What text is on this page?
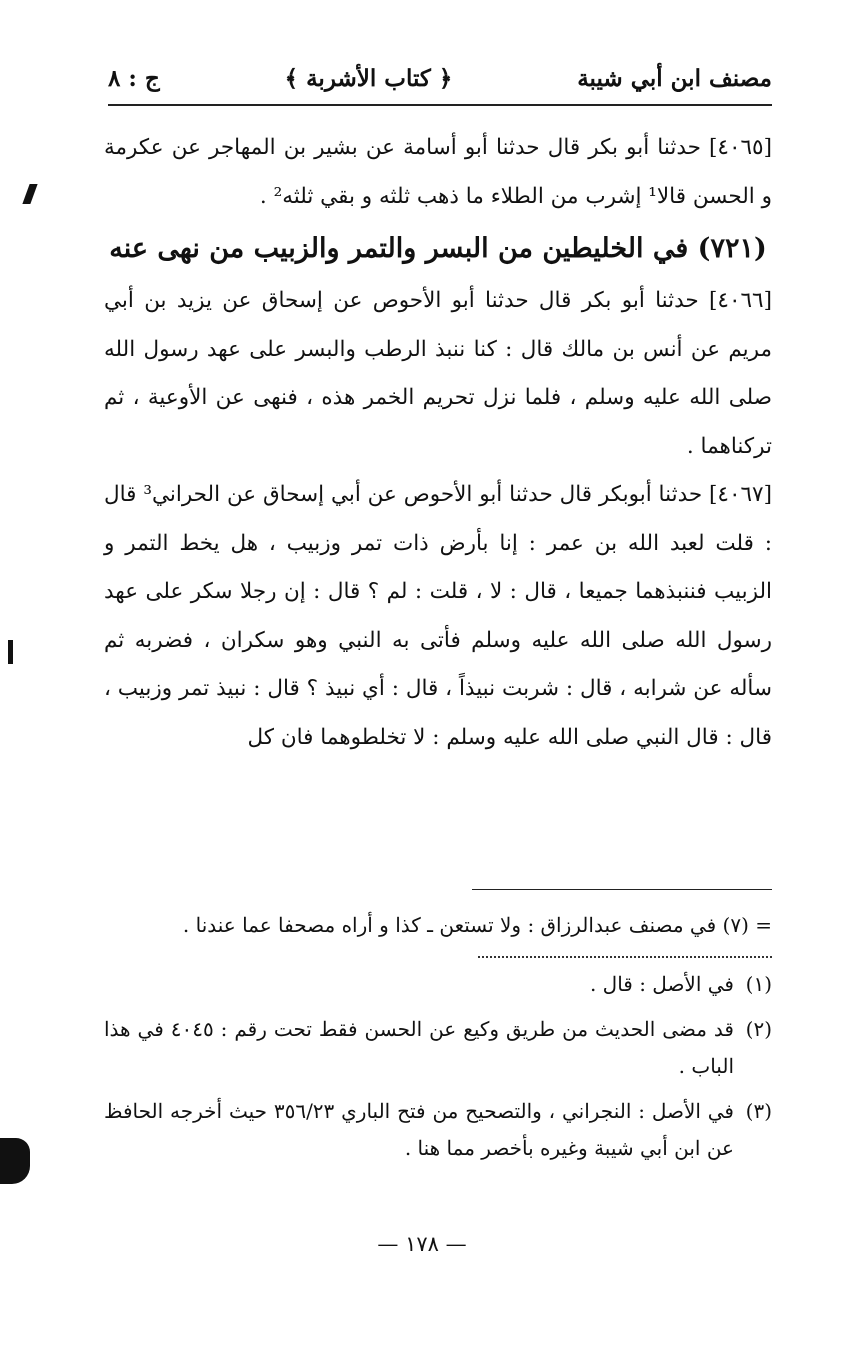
مصنف ابن أبي شيبة
﴿ كتاب الأشربة ﴾
ج : ٨

[٤٠٦٥] حدثنا أبو بكر قال حدثنا أبو أسامة عن بشير بن المهاجر عن عكرمة و الحسن قالا¹ إشرب من الطلاء ما ذهب ثلثه و بقي ثلثه² .

(٧٢١) في الخليطين من البسر والتمر والزبيب من نهى عنه

[٤٠٦٦] حدثنا أبو بكر قال حدثنا أبو الأحوص عن إسحاق عن يزيد بن أبي مريم عن أنس بن مالك قال : كنا ننبذ الرطب والبسر على عهد رسول الله صلى الله عليه وسلم ، فلما نزل تحريم الخمر هذه ، فنهى عن الأوعية ، ثم تركناهما .

[٤٠٦٧] حدثنا أبوبكر قال حدثنا أبو الأحوص عن أبي إسحاق عن الحراني³ قال : قلت لعبد الله بن عمر : إنا بأرض ذات تمر وزبيب ، هل يخط التمر و الزبيب فننبذهما جميعا ، قال : لا ، قلت : لم ؟ قال : إن رجلا سكر على عهد رسول الله صلى الله عليه وسلم فأتى به النبي وهو سكران ، فضربه ثم سأله عن شرابه ، قال : شربت نبيذاً ، قال : أي نبيذ ؟ قال : نبيذ تمر وزبيب ، قال : قال النبي صلى الله عليه وسلم : لا تخلطوهما فان كل

= (٧) في مصنف عبدالرزاق : ولا تستعن ـ كذا و أراه مصحفا عما عندنا .
(١)
في الأصل : قال .
(٢)
قد مضى الحديث من طريق وكيع عن الحسن فقط تحت رقم : ٤٠٤٥ في هذا الباب .
(٣)
في الأصل : النجراني ، والتصحيح من فتح الباري ٣٥٦/٢٣ حيث أخرجه الحافظ عن ابن أبي شيبة وغيره بأخصر مما هنا .
— ١٧٨ —
